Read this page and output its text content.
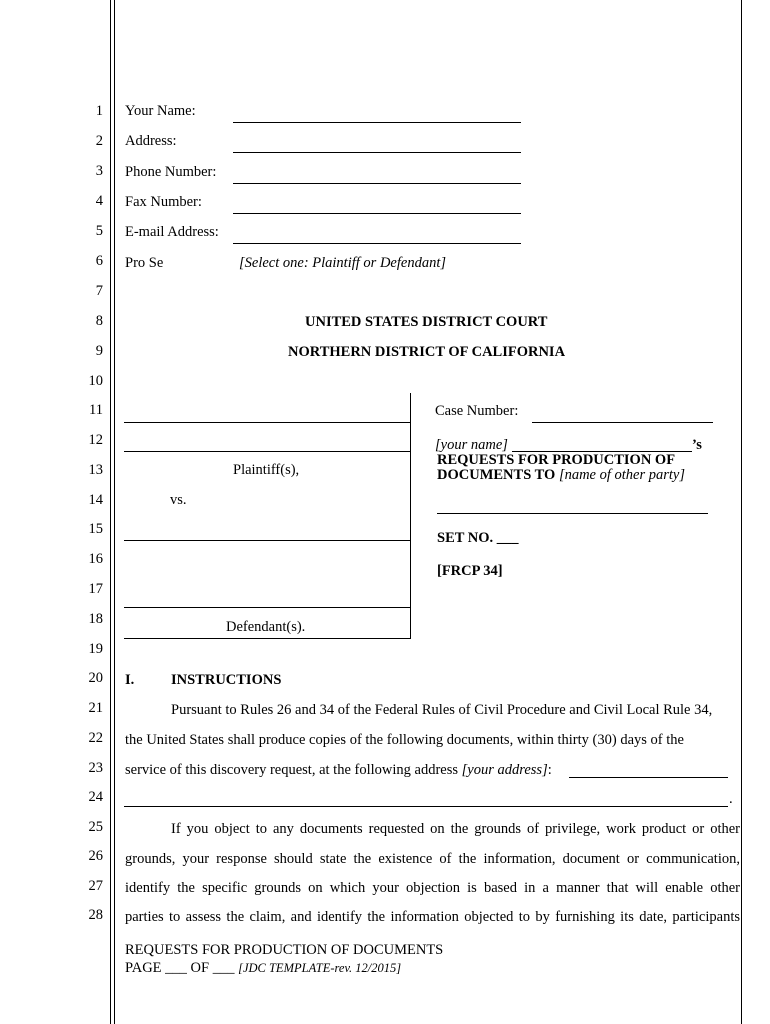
1
2
3
4
5
6
7
8
9
10
11
12
13
14
15
16
17
18
19
20
21
22
23
24
25
26
27
28
Your Name:
Address:
Phone Number:
Fax Number:
E-mail Address:
Pro Se	[Select one: Plaintiff or Defendant]
UNITED STATES DISTRICT COURT
NORTHERN DISTRICT OF CALIFORNIA
Plaintiff(s),
vs.
Defendant(s).
Case Number:
[your name]	’s
REQUESTS FOR PRODUCTION OF
DOCUMENTS TO [name of other party]
SET NO. ___
[FRCP 34]
I.	INSTRUCTIONS
Pursuant to Rules 26 and 34 of the Federal Rules of Civil Procedure and Civil Local Rule 34,
the United States shall produce copies of the following documents, within thirty (30) days of the
service of this discovery request, at the following address [your address]:
.
If you object to any documents requested on the grounds of privilege, work product or other
grounds, your response should state the existence of the information, document or communication,
identify the specific grounds on which your objection is based in a manner that will enable other
parties to assess the claim, and identify the information objected to by furnishing its date, participants
REQUESTS FOR PRODUCTION OF DOCUMENTS
PAGE ___ OF ___ [JDC TEMPLATE-rev. 12/2015]
